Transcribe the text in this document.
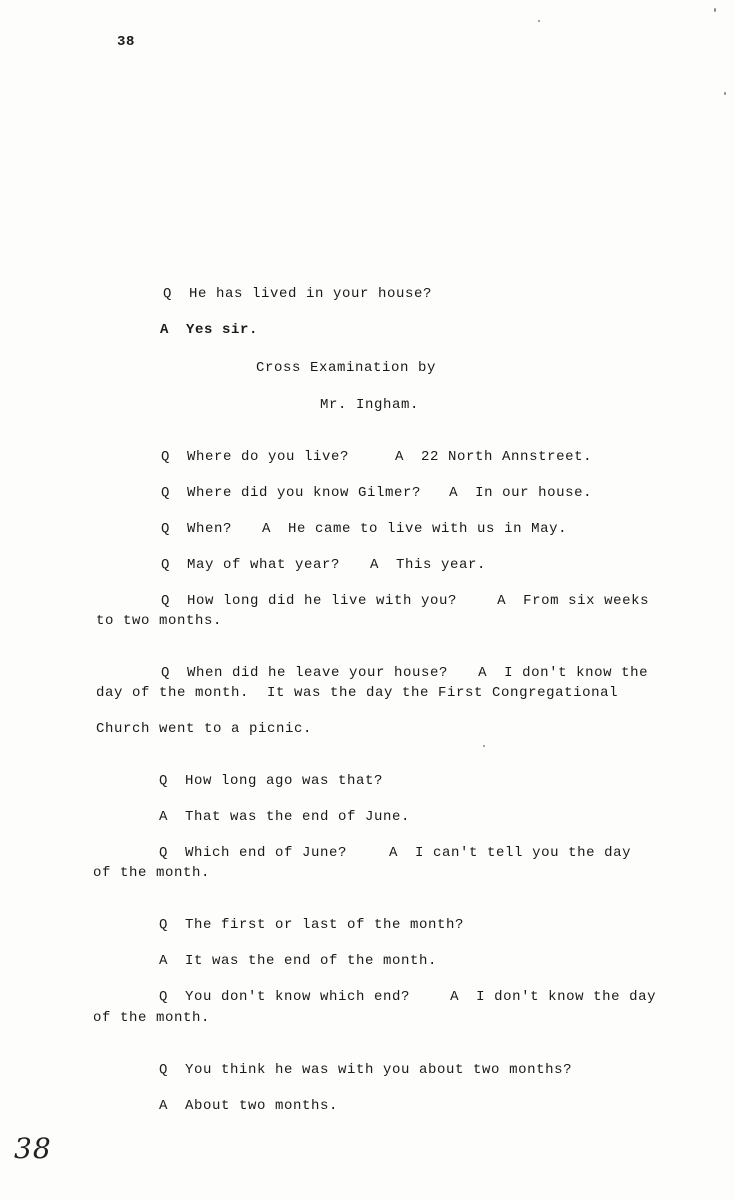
38

Q He has lived in your house?

A Yes sir.

Cross Examination by
Mr. Ingham.

Q Where do you live?	A 22 North Annstreet.

Q Where did you know Gilmer? A In our house.

Q When? A He came to live with us in May.

Q May of what year? A This year.

Q How long did he live with you?	A From six weeks

to two months.

Q When did he leave your house? A I don't know the

day of the month.  It was the day the First Congregational
Church went to a picnic.

Q How long ago was that?

A That was the end of June.

Q Which end of June?	A I can't tell you the day

of the month.

Q The first or last of the month?

A It was the end of the month.

Q You don't know which end?	A I don't know the day

of the month.

Q You think he was with you about two months?

A About two months.

38
